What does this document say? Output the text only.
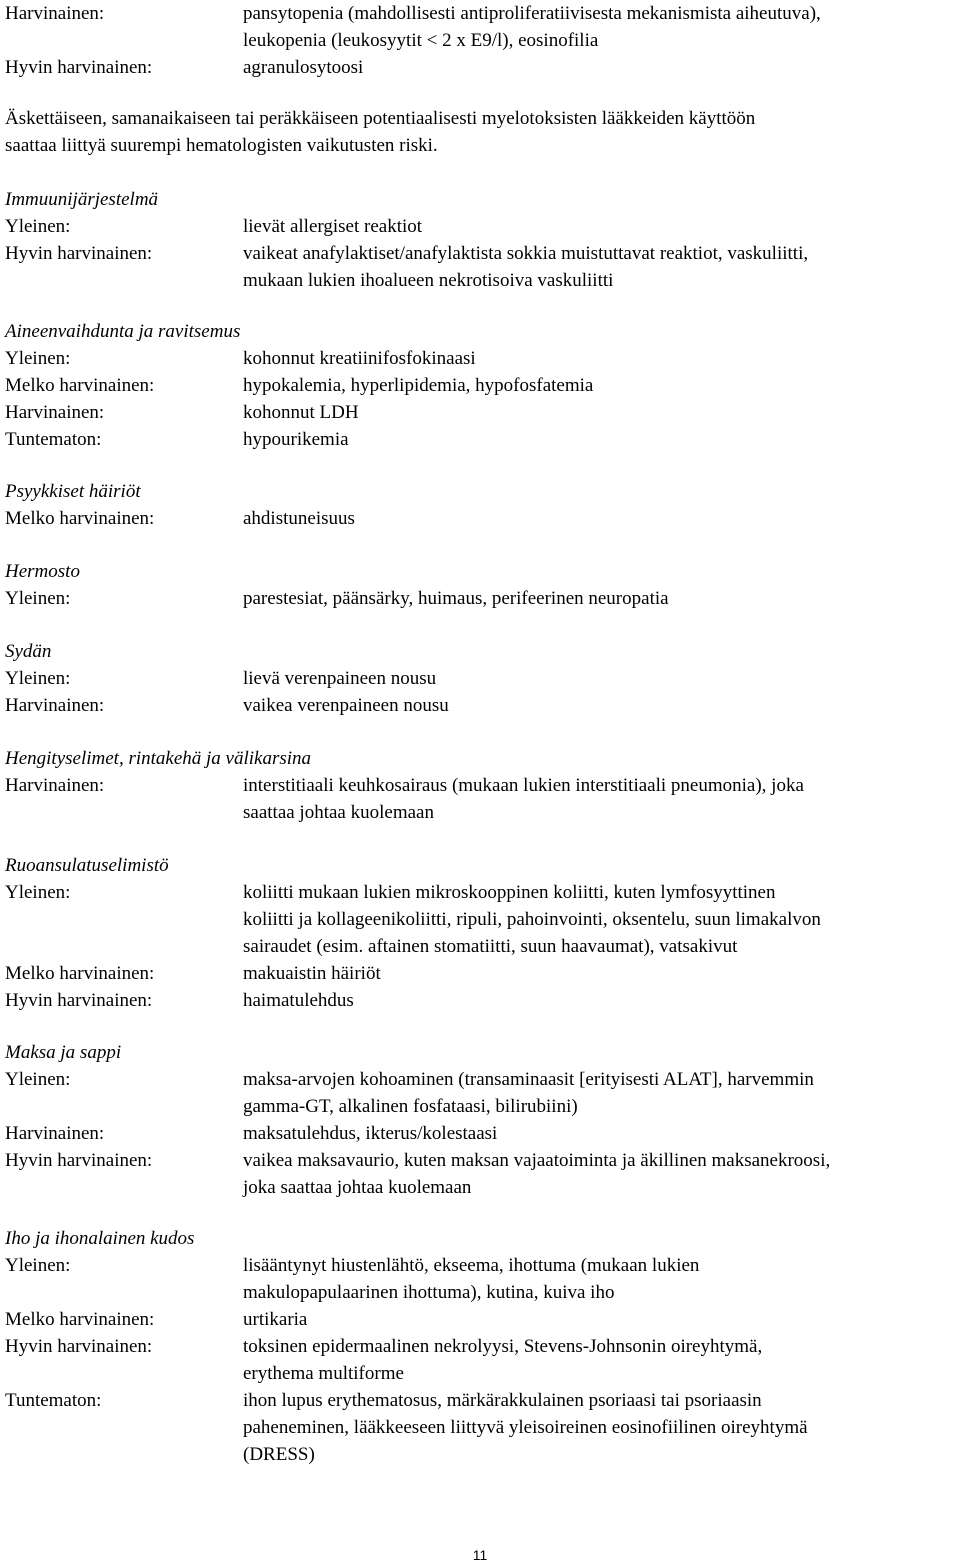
Harvinainen:	pansytopenia (mahdollisesti antiproliferatiivisesta mekanismista aiheutuva),
leukopenia (leukosyytit < 2 x E9/l), eosinofilia
Hyvin harvinainen:	agranulosytoosi
Äskettäiseen, samanaikaiseen tai peräkkäiseen potentiaalisesti myelotoksisten lääkkeiden käyttöön
saattaa liittyä suurempi hematologisten vaikutusten riski.
Immuunijärjestelmä
Yleinen:	lievät allergiset reaktiot
Hyvin harvinainen:	vaikeat anafylaktiset/anafylaktista sokkia muistuttavat reaktiot, vaskuliitti,
mukaan lukien ihoalueen nekrotisoiva vaskuliitti
Aineenvaihdunta ja ravitsemus
Yleinen:	kohonnut kreatiinifosfokinaasi
Melko harvinainen:	hypokalemia, hyperlipidemia, hypofosfatemia
Harvinainen:	kohonnut LDH
Tuntematon:	hypourikemia
Psyykkiset häiriöt
Melko harvinainen:	ahdistuneisuus
Hermosto
Yleinen:	parestesiat, päänsärky, huimaus, perifeerinen neuropatia
Sydän
Yleinen:	lievä verenpaineen nousu
Harvinainen:	vaikea verenpaineen nousu
Hengityselimet, rintakehä ja välikarsina
Harvinainen:	interstitiaali keuhkosairaus (mukaan lukien interstitiaali pneumonia), joka
saattaa johtaa kuolemaan
Ruoansulatuselimistö
Yleinen:	koliitti mukaan lukien mikroskooppinen koliitti, kuten lymfosyyttinen
koliitti ja kollageenikoliitti, ripuli, pahoinvointi, oksentelu, suun limakalvon
sairaudet (esim. aftainen stomatiitti, suun haavaumat), vatsakivut
Melko harvinainen:	makuaistin häiriöt
Hyvin harvinainen:	haimatulehdus
Maksa ja sappi
Yleinen:	maksa-arvojen kohoaminen (transaminaasit [erityisesti ALAT], harvemmin
gamma-GT, alkalinen fosfataasi, bilirubiini)
Harvinainen:	maksatulehdus, ikterus/kolestaasi
Hyvin harvinainen:	vaikea maksavaurio, kuten maksan vajaatoiminta ja äkillinen maksanekroosi,
joka saattaa johtaa kuolemaan
Iho ja ihonalainen kudos
Yleinen:	lisääntynyt hiustenlähtö, ekseema, ihottuma (mukaan lukien
makulopapulaarinen ihottuma), kutina, kuiva iho
Melko harvinainen:	urtikaria
Hyvin harvinainen:	toksinen epidermaalinen nekrolyysi, Stevens-Johnsonin oireyhtymä,
erythema multiforme
Tuntematon:	ihon lupus erythematosus, märkärakkulainen psoriaasi tai psoriaasin
paheneminen, lääkkeeseen liittyvä yleisoireinen eosinofiilinen oireyhtymä
(DRESS)
11
